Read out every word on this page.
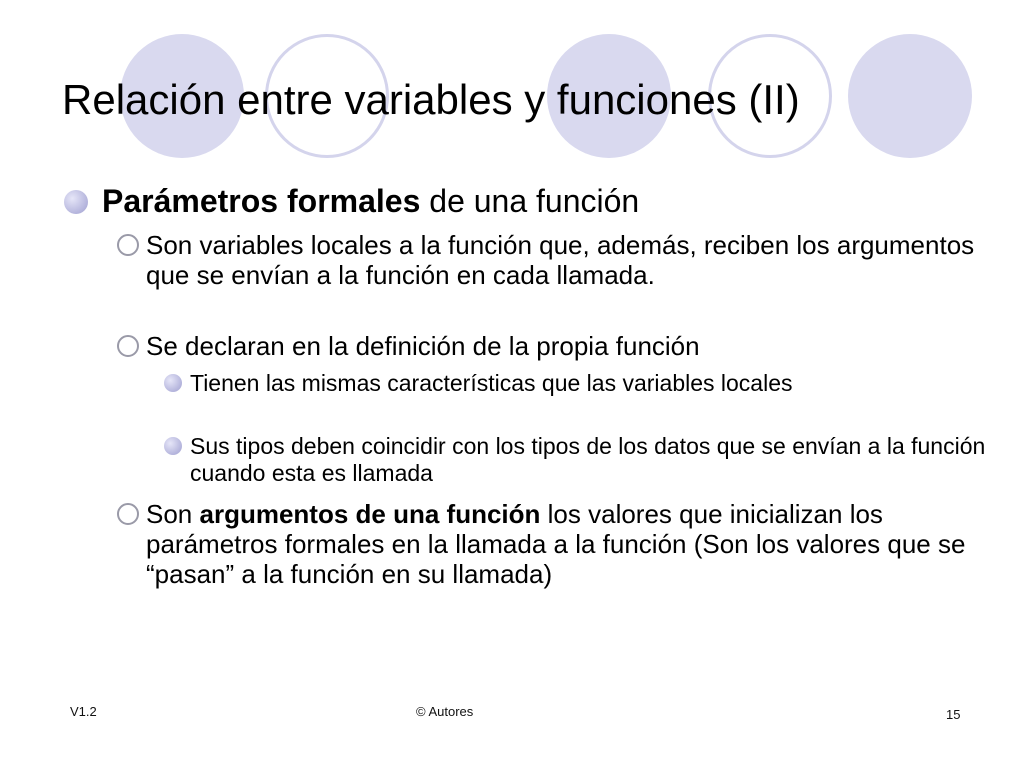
Relación entre variables y funciones (II)
Parámetros formales de una función
Son variables locales a la función que, además, reciben los argumentos que se envían a la función en cada llamada.
Se declaran en la definición de la propia función
Tienen las mismas características que las variables locales
Sus tipos deben coincidir con los tipos de los datos que se envían a la función cuando esta es llamada
Son argumentos de una función los valores que inicializan los parámetros formales en la llamada a la función (Son los valores que se “pasan” a la función en su llamada)
V1.2	© Autores	15
